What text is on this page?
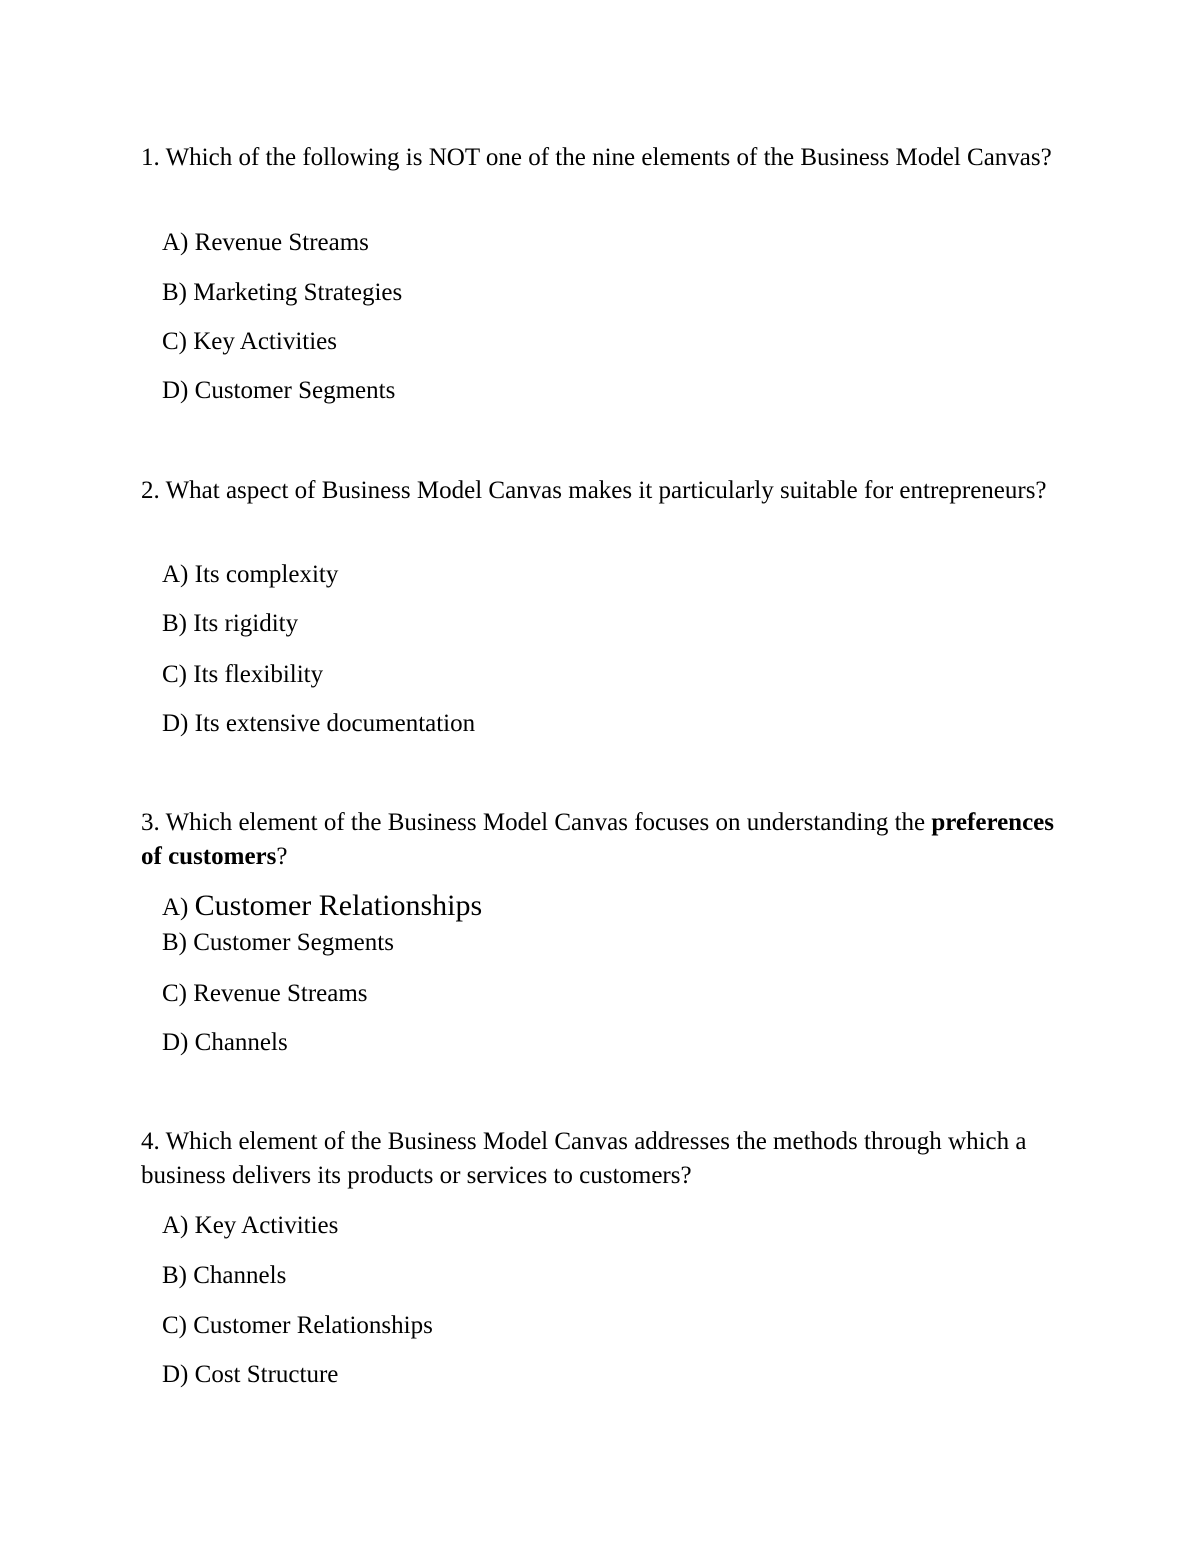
1. Which of the following is NOT one of the nine elements of the Business Model Canvas?

A) Revenue Streams
B) Marketing Strategies
C) Key Activities
D) Customer Segments

2. What aspect of Business Model Canvas makes it particularly suitable for entrepreneurs?

A) Its complexity
B) Its rigidity
C) Its flexibility
D) Its extensive documentation

3. Which element of the Business Model Canvas focuses on understanding the preferences of customers?

A) Customer Relationships
B) Customer Segments
C) Revenue Streams
D) Channels

4. Which element of the Business Model Canvas addresses the methods through which a business delivers its products or services to customers?

A) Key Activities
B) Channels
C) Customer Relationships
D) Cost Structure
